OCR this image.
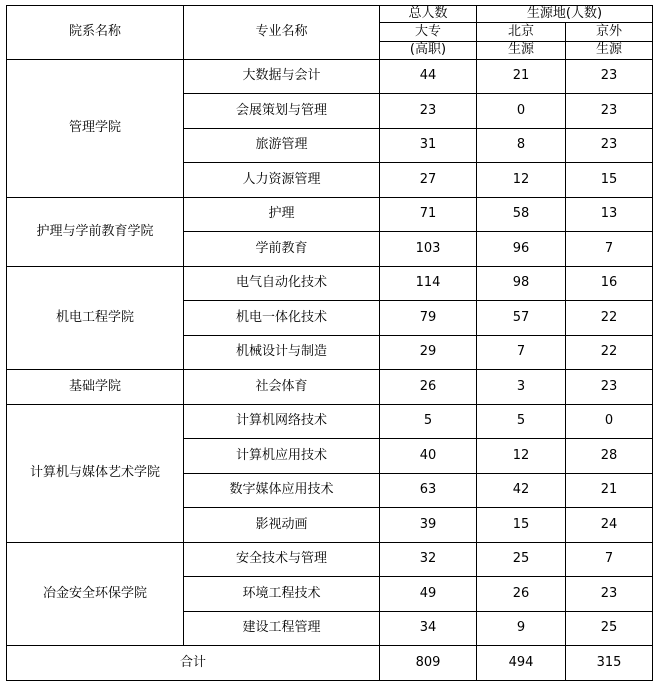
院系名称	专业名称	总人数	生源地(人数)	
		大专	北京	京外
		(高职)	生源	生源
管理学院	大数据与会计	44	21	23
	会展策划与管理	23	0	23
	旅游管理	31	8	23
	人力资源管理	27	12	15
护理与学前教育学院	护理	71	58	13
	学前教育	103	96	7
机电工程学院	电气自动化技术	114	98	16
	机电一体化技术	79	57	22
	机械设计与制造	29	7	22
基础学院	社会体育	26	3	23
计算机与媒体艺术学院	计算机网络技术	5	5	0
	计算机应用技术	40	12	28
	数字媒体应用技术	63	42	21
	影视动画	39	15	24
冶金安全环保学院	安全技术与管理	32	25	7
	环境工程技术	49	26	23
	建设工程管理	34	9	25
合计		809	494	315
